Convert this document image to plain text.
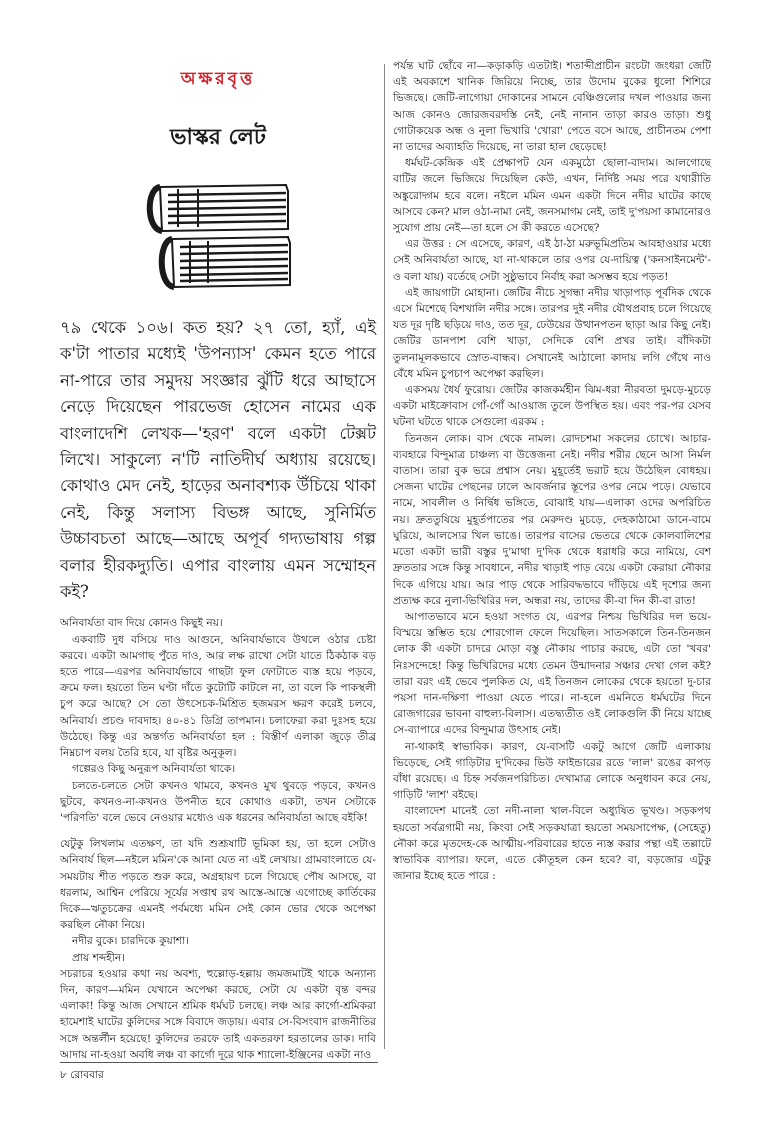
অক্ষরবৃত্ত
ভাস্কর লেট
৭৯ থেকে ১০৬। কত হয়? ২৭ তো, হ্যাঁ, এই ক'টা পাতার মধ্যেই 'উপন্যাস' কেমন হতে পারে না-পারে তার সমুদয় সংজ্ঞার ঝুঁটি ধরে আছাসে নেড়ে দিয়েছেন পারভেজ হোসেন নামের এক বাংলাদেশি লেখক—'হরণ' বলে একটা টেক্সট লিখে। সাকুল্যে ন'টি নাতিদীর্ঘ অধ্যায় রয়েছে। কোথাও মেদ নেই, হাড়ের অনাবশ্যক উঁচিয়ে থাকা নেই, কিন্তু সলাস্য বিভঙ্গ আছে, সুনির্মিত উচ্চাবচতা আছে—আছে অপূর্ব গদ্যভাষায় গল্প বলার হীরকদ্যুতি। এপার বাংলায় এমন সম্মোহন কই?

অনিবার্যতা বাদ দিয়ে কোনও কিছুই নয়।

একবাটি দুধ বসিয়ে দাও আগুনে, অনিবার্যভাবে উথলে ওঠার চেষ্টা করবে। একটা আমগাছ পুঁতে দাও, আর লক্ষ রাখো সেটা যাতে ঠিকঠাক বড় হতে পারে—এরপর অনিবার্যভাবে গাছটা ফুল ফোটাতে ব্যস্ত হয়ে পড়বে, ক্রমে ফল। হয়তো তিন ঘণ্টা দাঁতে কুটোটি কাটলে না, তা বলে কি পাকস্থলী চুপ করে আছে? সে তো উৎসেচক-মিশ্রিত হজমরস ক্ষরণ করেই চলবে, অনিবার্য। প্রচণ্ড দাবদাহ। ৪০-৪১ ডিগ্রি তাপমান। চলাফেরা করা দুঃসহ হয়ে উঠেছে। কিন্তু এর অন্তর্গত অনিবার্যতা হল : বিস্তীর্ণ এলাকা জুড়ে তীব্র নিম্নচাপ বলয় তৈরি হবে, যা বৃষ্টির অনুকূল।

গল্পেরও কিছু অনুরূপ অনিবার্যতা থাকে।

চলতে-চলতে সেটা কখনও থামবে, কখনও মুখ থুবড়ে পড়বে, কখনও ছুটবে, কখনও-না-কখনও উপনীত হবে কোথাও একটা, তখন সেটাকে 'পরিণতি' বলে ভেবে নেওয়ার মধ্যেও এক ধরনের অনিবার্যতা আছে বইকি!

যেটুকু লিখলাম এতক্ষণ, তা যদি শুশ্রূষাটি ভূমিকা হয়, তা হলে সেটাও অনিবার্য ছিল—নইলে মমিন'কে আনা যেত না এই লেখায়। গ্রামবাংলাতে যে-সময়টায় শীত পড়তে শুরু করে, অগ্রহায়ণ চলে গিয়েছে পৌষ আসছে, বা ধরলাম, আশ্বিন পেরিয়ে সূর্যের সপ্তাশ্ব রথ আস্তে-আস্তে এগোচ্ছে কার্তিকের দিকে—ঋতুচক্রের এমনই পর্বমধ্যে মমিন সেই কোন ভোর থেকে অপেক্ষা করছিল নৌকা নিয়ে।

নদীর বুকে। চারদিকে কুয়াশা।

প্রায় শব্দহীন।

সচরাচর হওয়ার কথা নয় অবশ্য, হুল্লোড়-হল্লায় জমজমাটই থাকে অন্যান্য দিন, কারণ—মমিন যেখানে অপেক্ষা করছে, সেটা যে একটা বৃন্ত বন্দর এলাকা! কিন্তু আজ সেখানে শ্রমিক ধর্মঘট চলছে। লঞ্চ আর কার্গো-শ্রমিকরা হামেশাই ঘাটের কুলিদের সঙ্গে বিবাদে জড়ায়। এবার সে-বিসংবাদ রাজনীতির সঙ্গে অন্তর্লীন হয়েছে! কুলিদের তরফে তাই একতরফা হরতালের ডাক। দাবি আদায় না-হওয়া অবধি লঞ্চ বা কার্গো দূরে থাক শ্যালো-ইঞ্জিনের একটা নাও

পর্যন্ত ঘাট ছোঁবে না—কড়াকড়ি এতটাই। শতাব্দীপ্রাচীন রংচটা জংধরা জেটি এই অবকাশে খানিক জিরিয়ে নিচ্ছে, তার উদোম বুকের ধুলো শিশিরে ভিজছে। জেটি-লাগোয়া দোকানের সামনে বেঞ্চিগুলোর দখল পাওয়ার জন্য আজ কোনও জোরজবরদস্তি নেই, নেই নানান তাড়া কারও তাড়া। শুধু গোটাকয়েক অন্ধ ও নুলা ভিখারি 'খোরা' পেতে বসে আছে, প্রাচীনতম পেশা না তাদের অব্যাহতি দিয়েছে, না তারা হাল ছেড়েছে!

ধর্মঘট-কেন্দ্রিক এই প্রেক্ষাপট যেন একমুঠো ছোলা-বাদাম। আলগোছে বাটির জলে ভিজিয়ে দিয়েছিল কেউ, এখন, নির্দিষ্ট সময় পরে যথারীতি অঙ্কুরোদ্গম হবে বলে। নইলে মমিন এমন একটা দিনে নদীর ঘাটের কাছে আসবে কেন? মাল ওঠা-নামা নেই, জনসমাগম নেই, তাই দু'পয়সা কামানোরও সুযোগ প্রায় নেই—তা হলে সে কী করতে এসেছে?

এর উত্তর : সে এসেছে, কারণ, এই ঠা-ঠা মরুভূমিপ্রতিম আবহাওয়ার মধ্যে সেই অনিবার্যতা আছে, যা না-থাকলে তার ওপর যে-দায়িত্ব ('কনসাইনমেন্ট'-ও বলা যায়) বর্তেছে সেটা সুষ্ঠুভাবে নির্বাহ করা অসম্ভব হয়ে পড়ত!

এই জায়গাটা মোহানা। জেটির নীচে সুগন্ধা নদীর খাড়াপাড় পূর্বদিক থেকে এসে মিশেছে বিশখালি নদীর সঙ্গে। তারপর দুই নদীর যৌথপ্রবাহ চলে গিয়েছে যত দূর দৃষ্টি ছড়িয়ে দাও, তত দূর, ঢেউয়ের উত্থানপতন ছাড়া আর কিছু নেই। জেটির ডানপাশ বেশি খাড়া, সেদিকে বেশি প্রখর তাই। বাঁদিকটা তুলনামূলকভাবে স্রোত-বান্ধব। সেখানেই আঠালো কাদায় লগি গেঁথে নাও বেঁধে মমিন চুপচাপ অপেক্ষা করছিল।

একসময় ধৈর্য ফুরোয়। জেটির কাজকর্মহীন ঝিম-ধরা নীরবতা দুমড়ে-মুচড়ে একটা মাইক্রোবাস গোঁ-গোঁ আওয়াজ তুলে উপস্থিত হয়। এবং পর-পর যেসব ঘটনা ঘটতে থাকে সেগুলো এরকম :

তিনজন লোক। বাস থেকে নামল। রোদচশমা সকলের চোখে। আচার-ব্যবহারে বিন্দুমাত্র চাঞ্চল্য বা উত্তেজনা নেই। নদীর শরীর ছেনে আসা নির্মল বাতাস। তারা বুক ভরে প্রশ্বাস নেয়। মুহূর্তেই ভরাট হয়ে উঠেছিল বোধহয়। সেজন্য ঘাটের পেছনের ঢালে আবর্জনার স্তূপের ওপর নেমে পড়ে। যেভাবে নামে, সাবলীল ও নির্দ্বিধ ভঙ্গিতে, বোঝাই যায়—এলাকা ওদের অপরিচিত নয়। দ্রুততুষিয়ে মুহূর্তপাতের পর মেরুদণ্ড মুচড়ে, দেহকাঠামো ডানে-বামে ঘুরিয়ে, আলস্যের খিল ভাঙে। তারপর বাসের ভেতরে থেকে কোলবালিশের মতো একটা ভারী বস্তুর দু'মাথা দু'দিক থেকে ধরাধরি করে নামিয়ে, বেশ দ্রুততার সঙ্গে কিন্তু সাবধানে, নদীর খাড়াই পাড় বেয়ে একটা কেরায়া নৌকার দিকে এগিয়ে যায়। আর পাড় থেকে সারিবদ্ধভাবে দাঁড়িয়ে এই দৃশ্যের জন্য প্রত্যক্ষ করে নুলা-ভিখিরির দল, অন্ধরা নয়, তাদের কী-বা দিন কী-বা রাত!

আপাতভাবে মনে হওয়া সংগত যে, এরপর নিশ্চয় ভিখিরির দল ভয়ে-বিস্ময়ে স্তম্ভিত হয়ে শোরগোল ফেলে দিয়েছিল। সাতসকালে তিন-তিনজন লোক কী একটা চাদরে মোড়া বস্তু নৌকায় পাচার করছে, এটা তো 'খবর' নিঃসন্দেহে! কিন্তু ভিখিরিদের মধ্যে তেমন উন্মাদনার সঞ্চার দেখা গেল কই? তারা বরং এই ভেবে পুলকিত যে, এই তিনজন লোকের থেকে হয়তো দু-চার পয়সা দান-দক্ষিণা পাওয়া যেতে পারে। না-হলে এমনিতে ধর্মঘটের দিনে রোজগারের ভাবনা বাহুল্য-বিলাস। এতদ্ব্যতীত ওই লোকগুলি কী নিয়ে যাচ্ছে সে-ব্যাপারে এদের বিন্দুমাত্র উৎসাহ নেই।

না-থাকাই স্বাভাবিক। কারণ, যে-বাসটি একটু আগে জেটি এলাকায় ভিড়েছে, সেই গাড়িটার দু'দিকের ভিউ ফাইন্ডারের রডে 'লাল' রঙের কাপড় বাঁধা রয়েছে। এ চিহ্ন সর্বজনপরিচিত। দেখামাত্র লোকে অনুধাবন করে নেয়, গাড়িটি 'লাশ' বইছে।

বাংলাদেশ মানেই তো নদী-নালা খাল-বিলে অধ্যুষিত ভূখণ্ড। সড়কপথ হয়তো সর্বত্রগামী নয়, কিংবা সেই সড়কযাত্রা হয়তো সময়সাপেক্ষ, (সেহেতু) নৌকা করে মৃতদেহ-কে আত্মীয়-পরিবারের হাতে ন্যস্ত করার পন্থা এই তল্লাটে স্বাভাবিক ব্যাপার। ফলে, এতে কৌতূহল কেন হবে? বা, বড়জোর এটুকু জানার ইচ্ছে হতে পারে :

৮ রোববার
